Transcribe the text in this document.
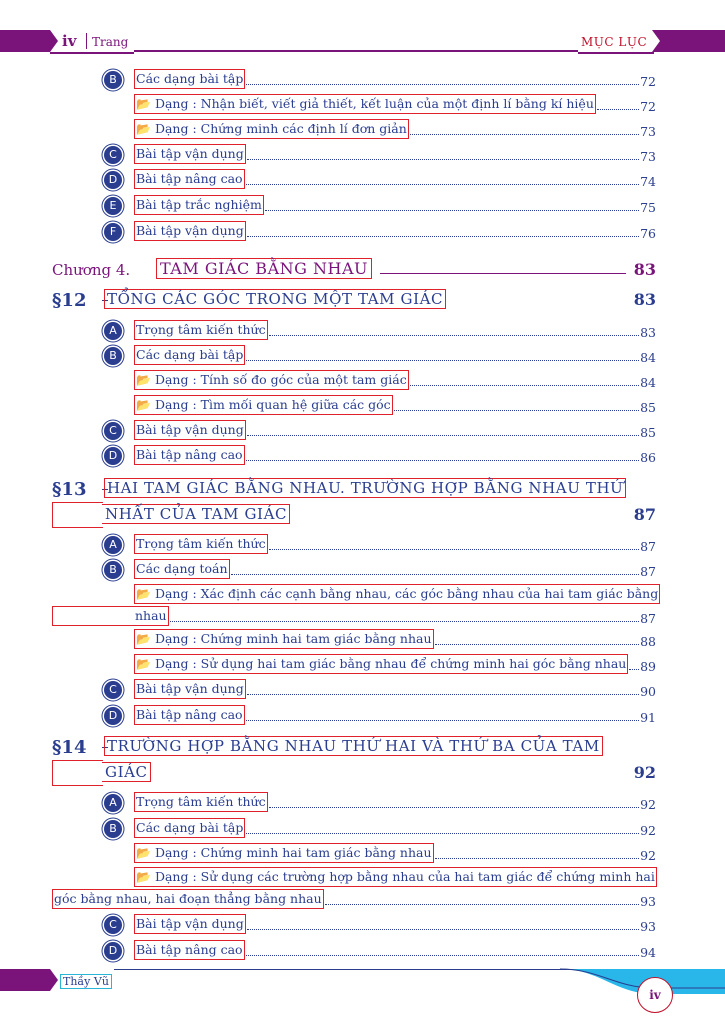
iv Trang	MỤC LỤC
B	Các dạng bài tập	72
📂 Dạng : Nhận biết, viết giả thiết, kết luận của một định lí bằng kí hiệu	72
📂 Dạng : Chứng minh các định lí đơn giản	73
C	Bài tập vận dụng	73
D	Bài tập nâng cao	74
E	Bài tập trắc nghiệm	75
F	Bài tập vận dụng	76
Chương 4.	TAM GIÁC BẰNG NHAU	83
§12 TỔNG CÁC GÓC TRONG MỘT TAM GIÁC	83
A	Trọng tâm kiến thức	83
B	Các dạng bài tập	84
📂 Dạng : Tính số đo góc của một tam giác	84
📂 Dạng : Tìm mối quan hệ giữa các góc	85
C	Bài tập vận dụng	85
D	Bài tập nâng cao	86
§13 HAI TAM GIÁC BẰNG NHAU. TRƯỜNG HỢP BẰNG NHAU THỨ
NHẤT CỦA TAM GIÁC	87
A	Trọng tâm kiến thức	87
B	Các dạng toán	87
📂 Dạng : Xác định các cạnh bằng nhau, các góc bằng nhau của hai tam giác bằng
nhau	87
📂 Dạng : Chứng minh hai tam giác bằng nhau	88
📂 Dạng : Sử dụng hai tam giác bằng nhau để chứng minh hai góc bằng nhau 89
C	Bài tập vận dụng	90
D	Bài tập nâng cao	91
§14 TRƯỜNG HỢP BẰNG NHAU THỨ HAI VÀ THỨ BA CỦA TAM
GIÁC	92
A	Trọng tâm kiến thức	92
B	Các dạng bài tập	92
📂 Dạng : Chứng minh hai tam giác bằng nhau	92
📂 Dạng : Sử dụng các trường hợp bằng nhau của hai tam giác để chứng minh hai
góc bằng nhau, hai đoạn thẳng bằng nhau	93
C	Bài tập vận dụng	93
D	Bài tập nâng cao	94
Thầy Vũ
iv
